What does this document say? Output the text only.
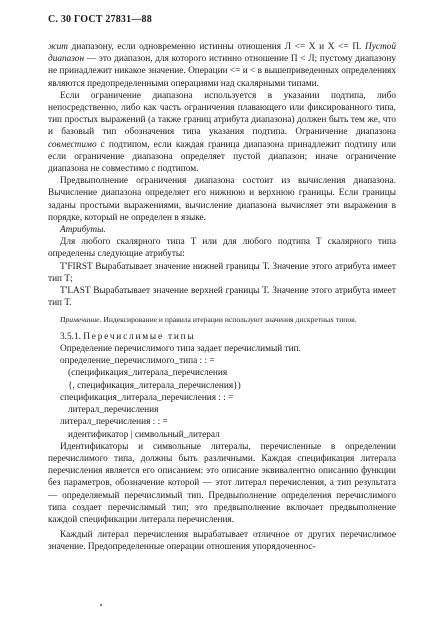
С. 30 ГОСТ 27831—88

жит диапазону, если одновременно истинны отношения Л <= Х и Х <= П. Пустой диапазон — это диапазон, для которого истинно отношение П < Л; пустому диапазону не принадлежит никакое значение. Операции <= и < в вышеприведенных определениях являются предопределенными операциями над скалярными типами.

Если ограничение диапазона используется в указании подтипа, либо непосредственно, либо как часть ограничения плавающего или фиксированного типа, тип простых выражений (а также границ атрибута диапазона) должен быть тем же, что и базовый тип обозначения типа указания подтипа. Ограничение диапазона совместимо с подтипом, если каждая граница диапазона принадлежит подтипу или если ограничение диапазона определяет пустой диапазон; иначе ограничение диапазона не совместимо с подтипом.

Предвыполнение ограничения диапазона состоит из вычисления диапазона. Вычисление диапазона определяет его нижнюю и верхнюю границы. Если границы заданы простыми выражениями, вычисление диапазона вычисляет эти выражения в порядке, который не определен в языке.

Атрибуты.

Для любого скалярного типа Т или для любого подтипа Т скалярного типа определены следующие атрибуты:

T'FIRST Вырабатывает значение нижней границы Т. Значение этого атрибута имеет тип Т;

T'LAST Вырабатывает значение верхней границы Т. Значение этого атрибута имеет тип Т.

Примечание. Индексирование и правила итерации используют значения дискретных типов.

3.5.1. Перечислимые типы

Определение перечислимого типа задает перечислимый тип.

определение_перечислимого_типа : : =

(спецификация_литерала_перечисления

{, спецификация_литерала_перечисления})

спецификация_литерала_перечисления : : =

литерал_перечисления

литерал_перечисления : : =

идентификатор | символьный_литерал

Идентификаторы и символьные литералы, перечисленные в определении перечислимого типа, должны быть различными. Каждая спецификация литерала перечисления является его описанием: это описание эквивалентно описанию функции без параметров, обозначение которой — этот литерал перечисления, а тип результата — определяемый перечислимый тип. Предвыполнение определения перечислимого типа создает перечислимый тип; это предвыполнение включает предвыполнение каждой спецификации литерала перечисления.

Каждый литерал перечисления вырабатывает отличное от других перечислимое значение. Предопределенные операции отношения упорядоченнос-
